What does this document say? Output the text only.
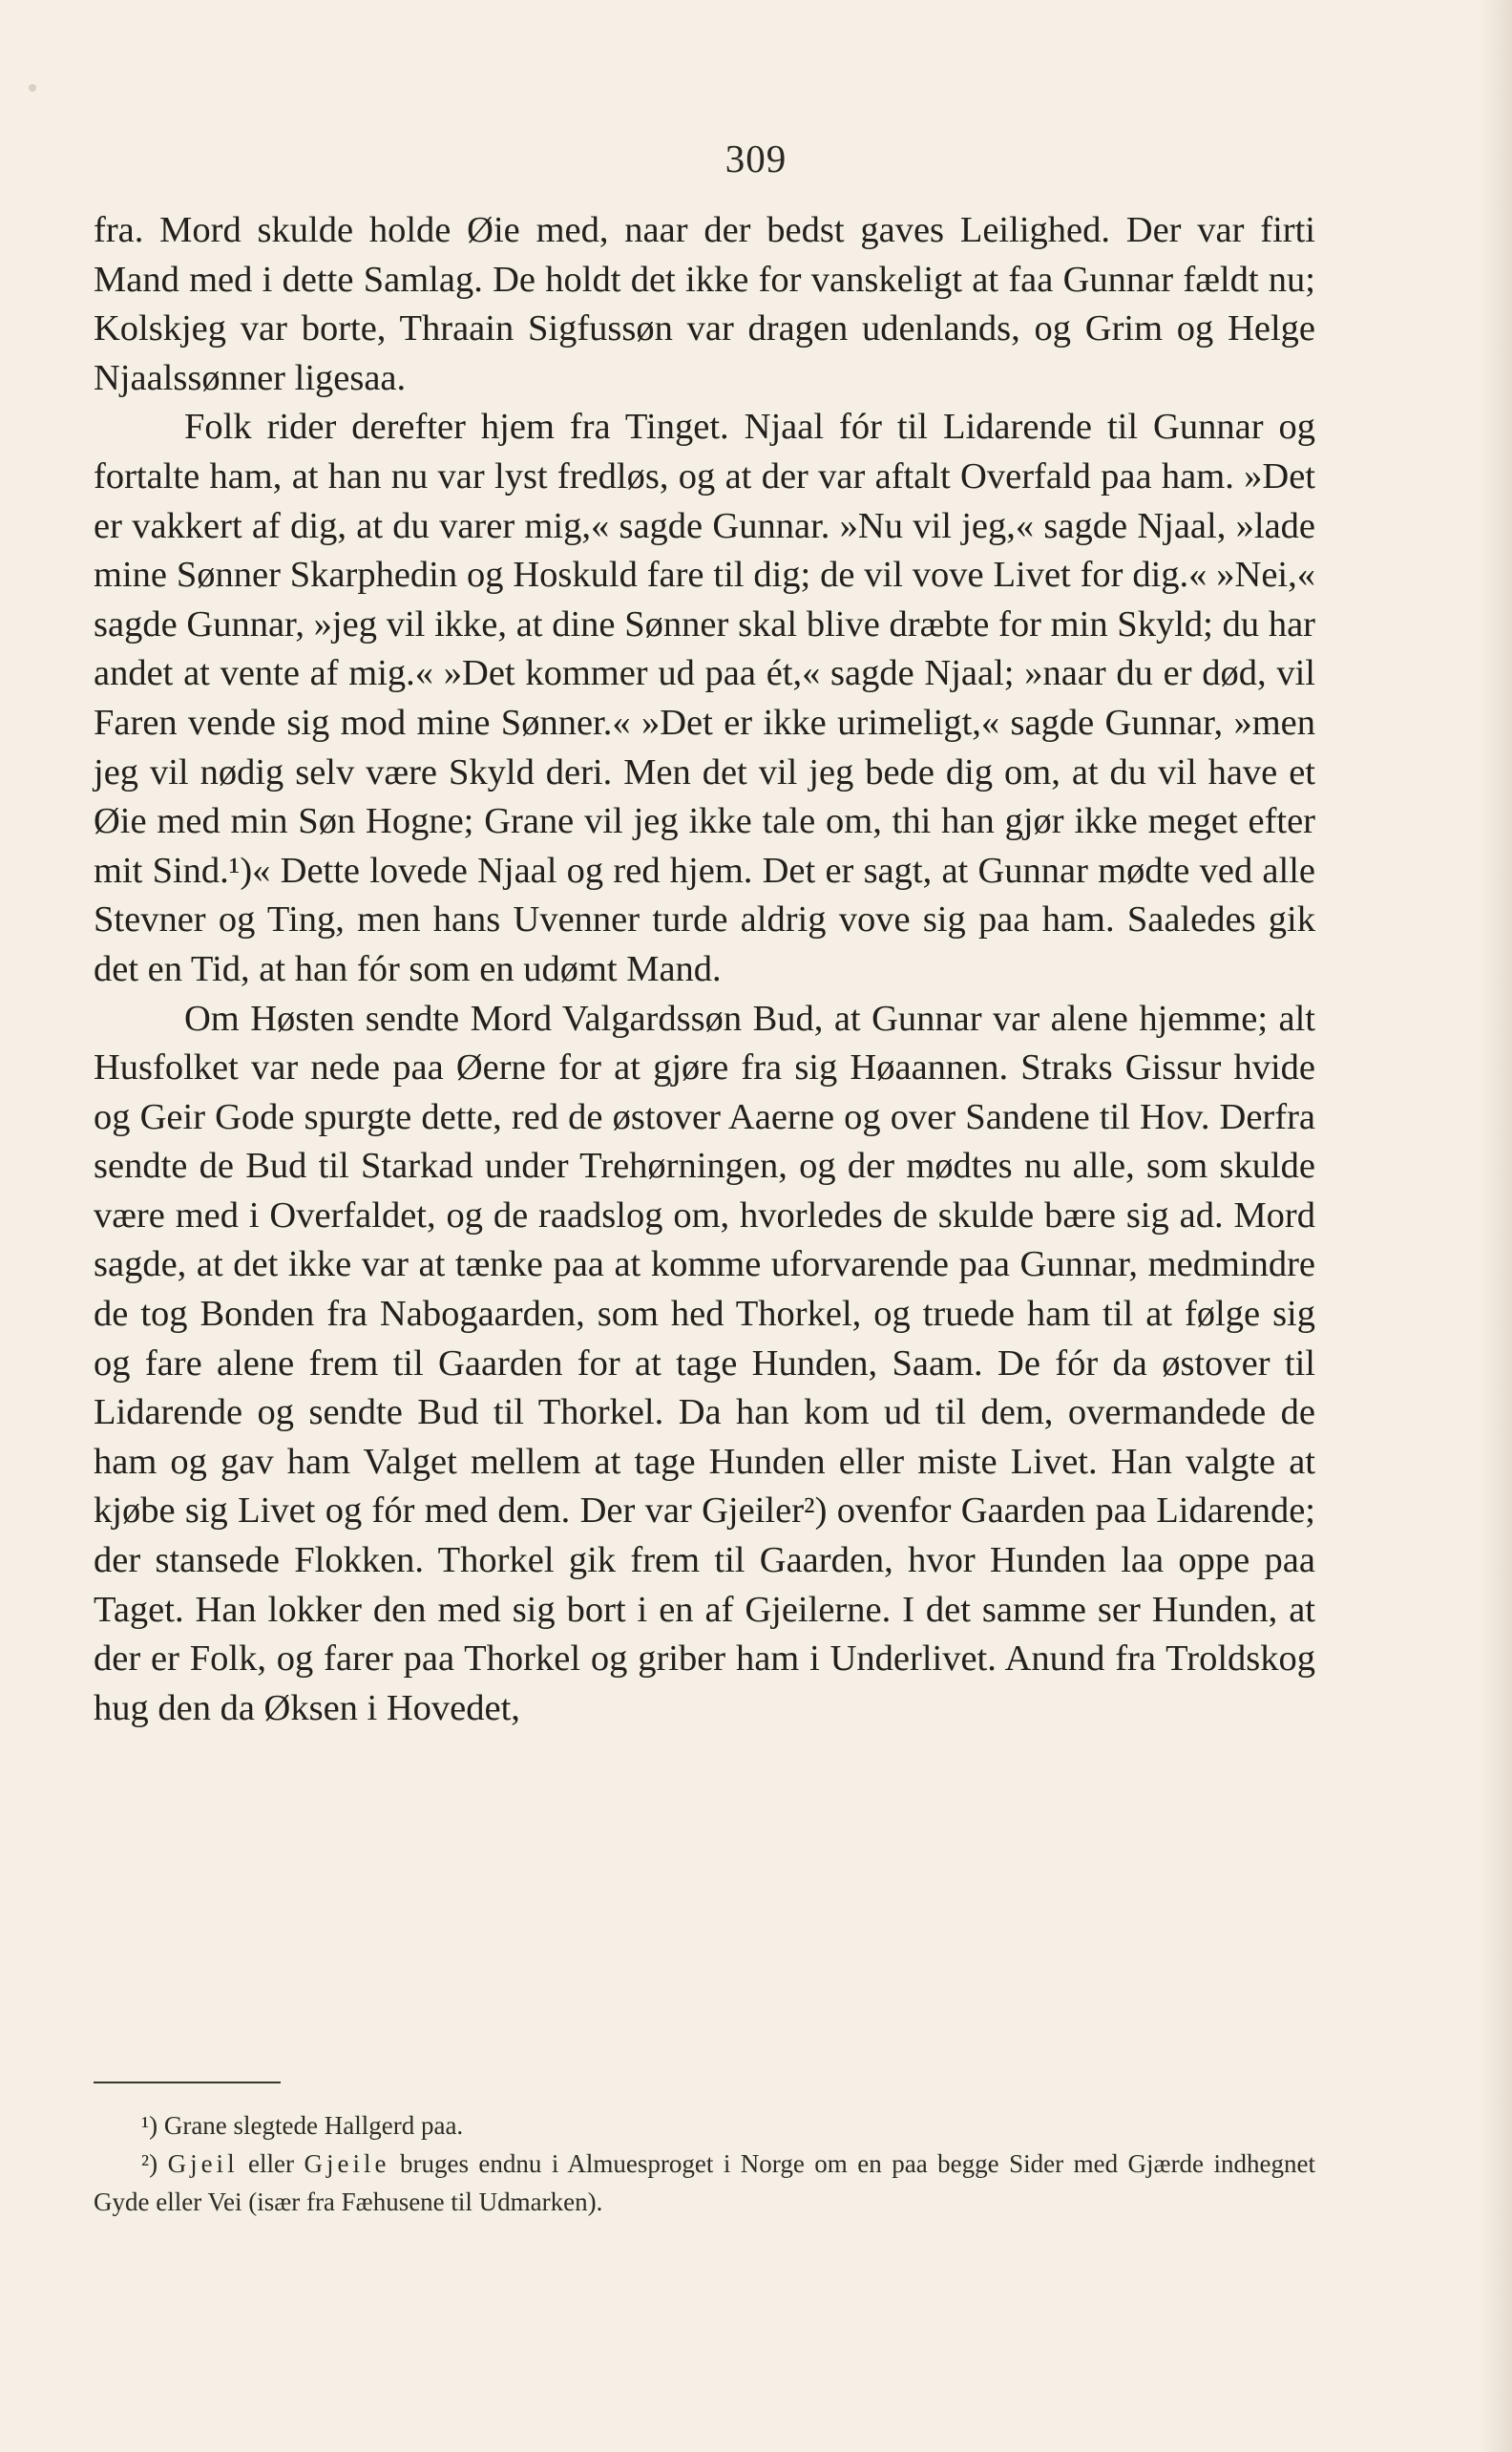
309

fra. Mord skulde holde Øie med, naar der bedst gaves Leilighed. Der var firti Mand med i dette Samlag. De holdt det ikke for vanskeligt at faa Gunnar fældt nu; Kolskjeg var borte, Thraain Sigfussøn var dragen udenlands, og Grim og Helge Njaalssønner ligesaa.

Folk rider derefter hjem fra Tinget. Njaal fór til Lidarende til Gunnar og fortalte ham, at han nu var lyst fredløs, og at der var aftalt Overfald paa ham. »Det er vakkert af dig, at du varer mig,« sagde Gunnar. »Nu vil jeg,« sagde Njaal, »lade mine Sønner Skarphedin og Hoskuld fare til dig; de vil vove Livet for dig.« »Nei,« sagde Gunnar, »jeg vil ikke, at dine Sønner skal blive dræbte for min Skyld; du har andet at vente af mig.« »Det kommer ud paa ét,« sagde Njaal; »naar du er død, vil Faren vende sig mod mine Sønner.« »Det er ikke urimeligt,« sagde Gunnar, »men jeg vil nødig selv være Skyld deri. Men det vil jeg bede dig om, at du vil have et Øie med min Søn Hogne; Grane vil jeg ikke tale om, thi han gjør ikke meget efter mit Sind.¹)« Dette lovede Njaal og red hjem. Det er sagt, at Gunnar mødte ved alle Stevner og Ting, men hans Uvenner turde aldrig vove sig paa ham. Saaledes gik det en Tid, at han fór som en udømt Mand.

Om Høsten sendte Mord Valgardssøn Bud, at Gunnar var alene hjemme; alt Husfolket var nede paa Øerne for at gjøre fra sig Høaannen. Straks Gissur hvide og Geir Gode spurgte dette, red de østover Aaerne og over Sandene til Hov. Derfra sendte de Bud til Starkad under Trehørningen, og der mødtes nu alle, som skulde være med i Overfaldet, og de raadslog om, hvorledes de skulde bære sig ad. Mord sagde, at det ikke var at tænke paa at komme uforvarende paa Gunnar, medmindre de tog Bonden fra Nabogaarden, som hed Thorkel, og truede ham til at følge sig og fare alene frem til Gaarden for at tage Hunden, Saam. De fór da østover til Lidarende og sendte Bud til Thorkel. Da han kom ud til dem, overmandede de ham og gav ham Valget mellem at tage Hunden eller miste Livet. Han valgte at kjøbe sig Livet og fór med dem. Der var Gjeiler²) ovenfor Gaarden paa Lidarende; der stansede Flokken. Thorkel gik frem til Gaarden, hvor Hunden laa oppe paa Taget. Han lokker den med sig bort i en af Gjeilerne. I det samme ser Hunden, at der er Folk, og farer paa Thorkel og griber ham i Underlivet. Anund fra Troldskog hug den da Øksen i Hovedet,

¹) Grane slegtede Hallgerd paa.

²) Gjeil eller Gjeile bruges endnu i Almuesproget i Norge om en paa begge Sider med Gjærde indhegnet Gyde eller Vei (især fra Fæhusene til Udmarken).
